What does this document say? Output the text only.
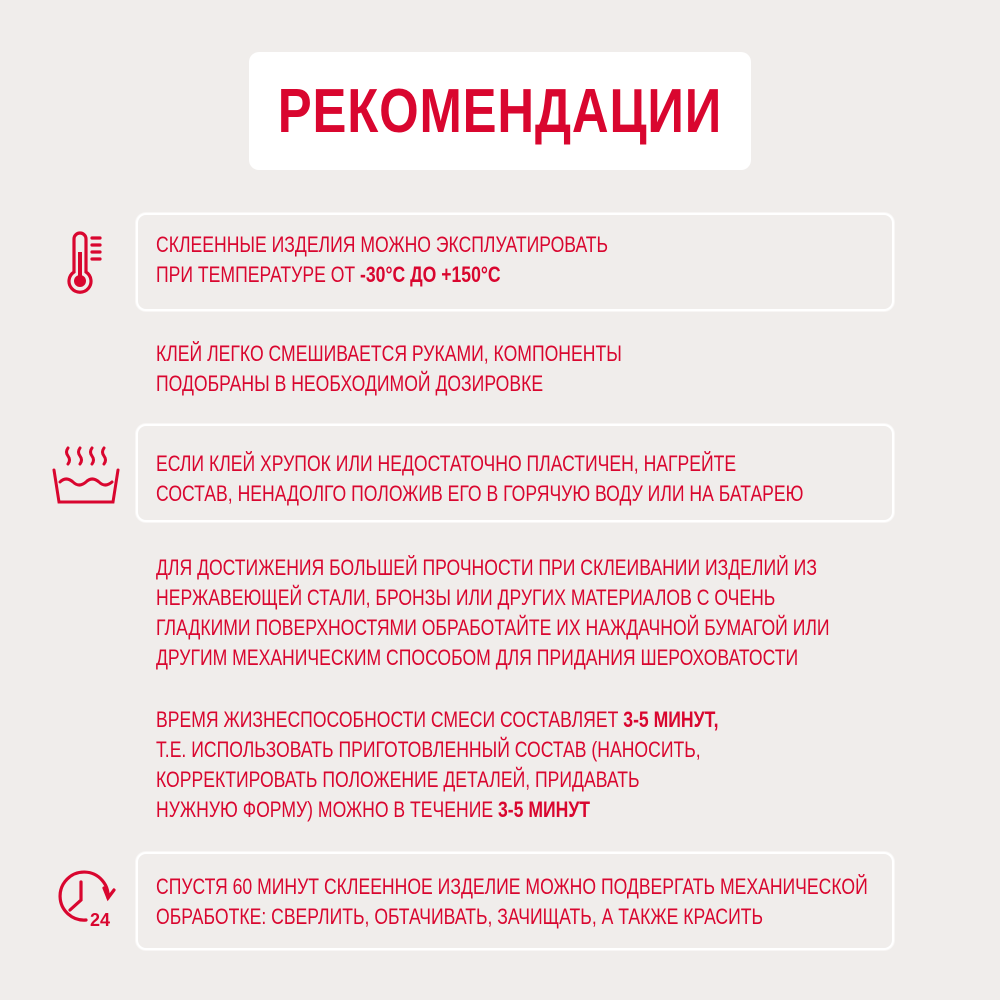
РЕКОМЕНДАЦИИ
СКЛЕЕННЫЕ ИЗДЕЛИЯ МОЖНО ЭКСПЛУАТИРОВАТЬ
ПРИ ТЕМПЕРАТУРЕ ОТ -30°С ДО +150°С
КЛЕЙ ЛЕГКО СМЕШИВАЕТСЯ РУКАМИ, КОМПОНЕНТЫ
ПОДОБРАНЫ В НЕОБХОДИМОЙ ДОЗИРОВКЕ
ЕСЛИ КЛЕЙ ХРУПОК ИЛИ НЕДОСТАТОЧНО ПЛАСТИЧЕН, НАГРЕЙТЕ
СОСТАВ, НЕНАДОЛГО ПОЛОЖИВ ЕГО В ГОРЯЧУЮ ВОДУ ИЛИ НА БАТАРЕЮ
ДЛЯ ДОСТИЖЕНИЯ БОЛЬШЕЙ ПРОЧНОСТИ ПРИ СКЛЕИВАНИИ ИЗДЕЛИЙ ИЗ
НЕРЖАВЕЮЩЕЙ СТАЛИ, БРОНЗЫ ИЛИ ДРУГИХ МАТЕРИАЛОВ С ОЧЕНЬ
ГЛАДКИМИ ПОВЕРХНОСТЯМИ ОБРАБОТАЙТЕ ИХ НАЖДАЧНОЙ БУМАГОЙ ИЛИ
ДРУГИМ МЕХАНИЧЕСКИМ СПОСОБОМ ДЛЯ ПРИДАНИЯ ШЕРОХОВАТОСТИ
ВРЕМЯ ЖИЗНЕСПОСОБНОСТИ СМЕСИ СОСТАВЛЯЕТ 3-5 МИНУТ,
Т.Е. ИСПОЛЬЗОВАТЬ ПРИГОТОВЛЕННЫЙ СОСТАВ (НАНОСИТЬ,
КОРРЕКТИРОВАТЬ ПОЛОЖЕНИЕ ДЕТАЛЕЙ, ПРИДАВАТЬ
НУЖНУЮ ФОРМУ) МОЖНО В ТЕЧЕНИЕ 3-5 МИНУТ
24
СПУСТЯ 60 МИНУТ СКЛЕЕННОЕ ИЗДЕЛИЕ МОЖНО ПОДВЕРГАТЬ МЕХАНИЧЕСКОЙ
ОБРАБОТКЕ: СВЕРЛИТЬ, ОБТАЧИВАТЬ, ЗАЧИЩАТЬ, А ТАКЖЕ КРАСИТЬ
